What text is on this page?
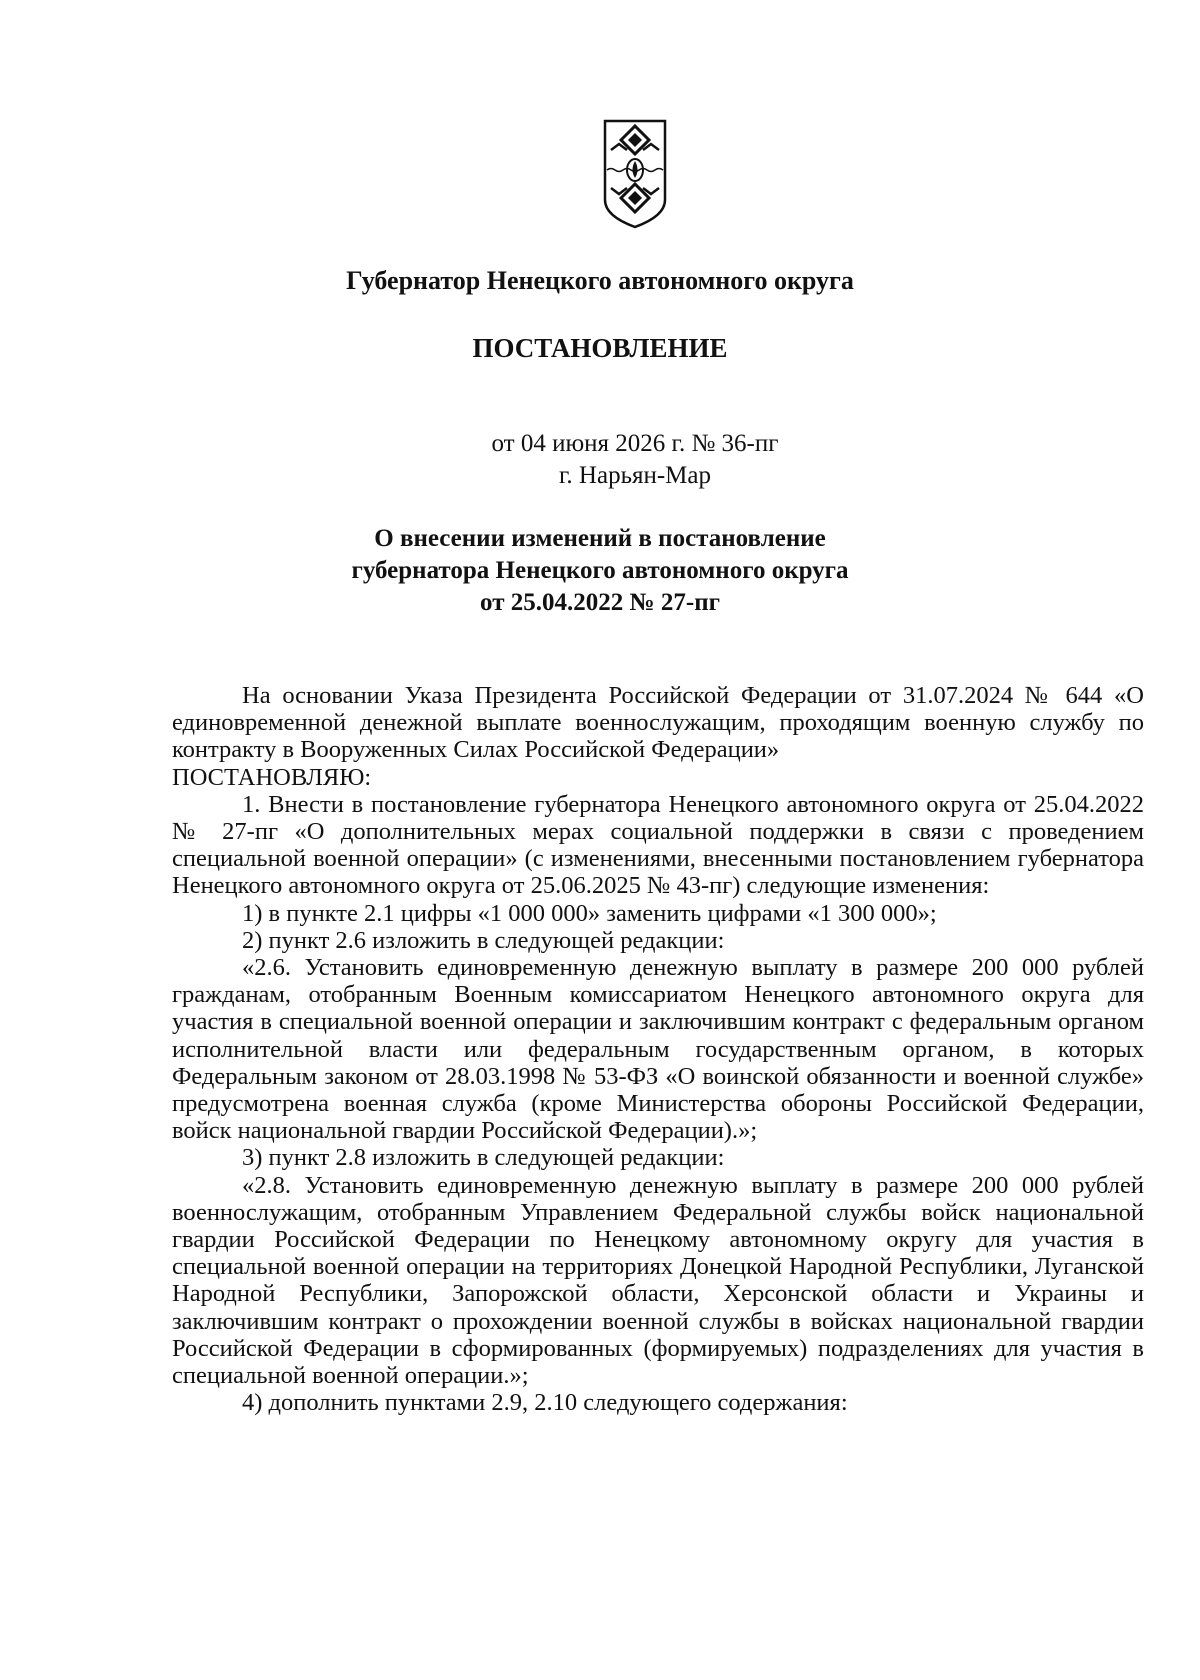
Губернатор Ненецкого автономного округа
ПОСТАНОВЛЕНИЕ
от 04 июня 2026 г. № 36-пг
г. Нарьян-Мар
О внесении изменений в постановление
губернатора Ненецкого автономного округа
от 25.04.2022 № 27-пг

На основании Указа Президента Российской Федерации от 31.07.2024 № 644 «О единовременной денежной выплате военнослужащим, проходящим военную службу по контракту в Вооруженных Силах Российской Федерации»

ПОСТАНОВЛЯЮ:

1. Внести в постановление губернатора Ненецкого автономного округа от 25.04.2022 № 27-пг «О дополнительных мерах социальной поддержки в связи с проведением специальной военной операции» (с изменениями, внесенными постановлением губернатора Ненецкого автономного округа от 25.06.2025 № 43-пг) следующие изменения:

1) в пункте 2.1 цифры «1 000 000» заменить цифрами «1 300 000»;

2) пункт 2.6 изложить в следующей редакции:

«2.6. Установить единовременную денежную выплату в размере 200 000 рублей гражданам, отобранным Военным комиссариатом Ненецкого автономного округа для участия в специальной военной операции и заключившим контракт с федеральным органом исполнительной власти или федеральным государственным органом, в которых Федеральным законом от 28.03.1998 № 53-ФЗ «О воинской обязанности и военной службе» предусмотрена военная служба (кроме Министерства обороны Российской Федерации, войск национальной гвардии Российской Федерации).»;

3) пункт 2.8 изложить в следующей редакции:

«2.8. Установить единовременную денежную выплату в размере 200 000 рублей военнослужащим, отобранным Управлением Федеральной службы войск национальной гвардии Российской Федерации по Ненецкому автономному округу для участия в специальной военной операции на территориях Донецкой Народной Республики, Луганской Народной Республики, Запорожской области, Херсонской области и Украины и заключившим контракт о прохождении военной службы в войсках национальной гвардии Российской Федерации в сформированных (формируемых) подразделениях для участия в специальной военной операции.»;

4) дополнить пунктами 2.9, 2.10 следующего содержания:
